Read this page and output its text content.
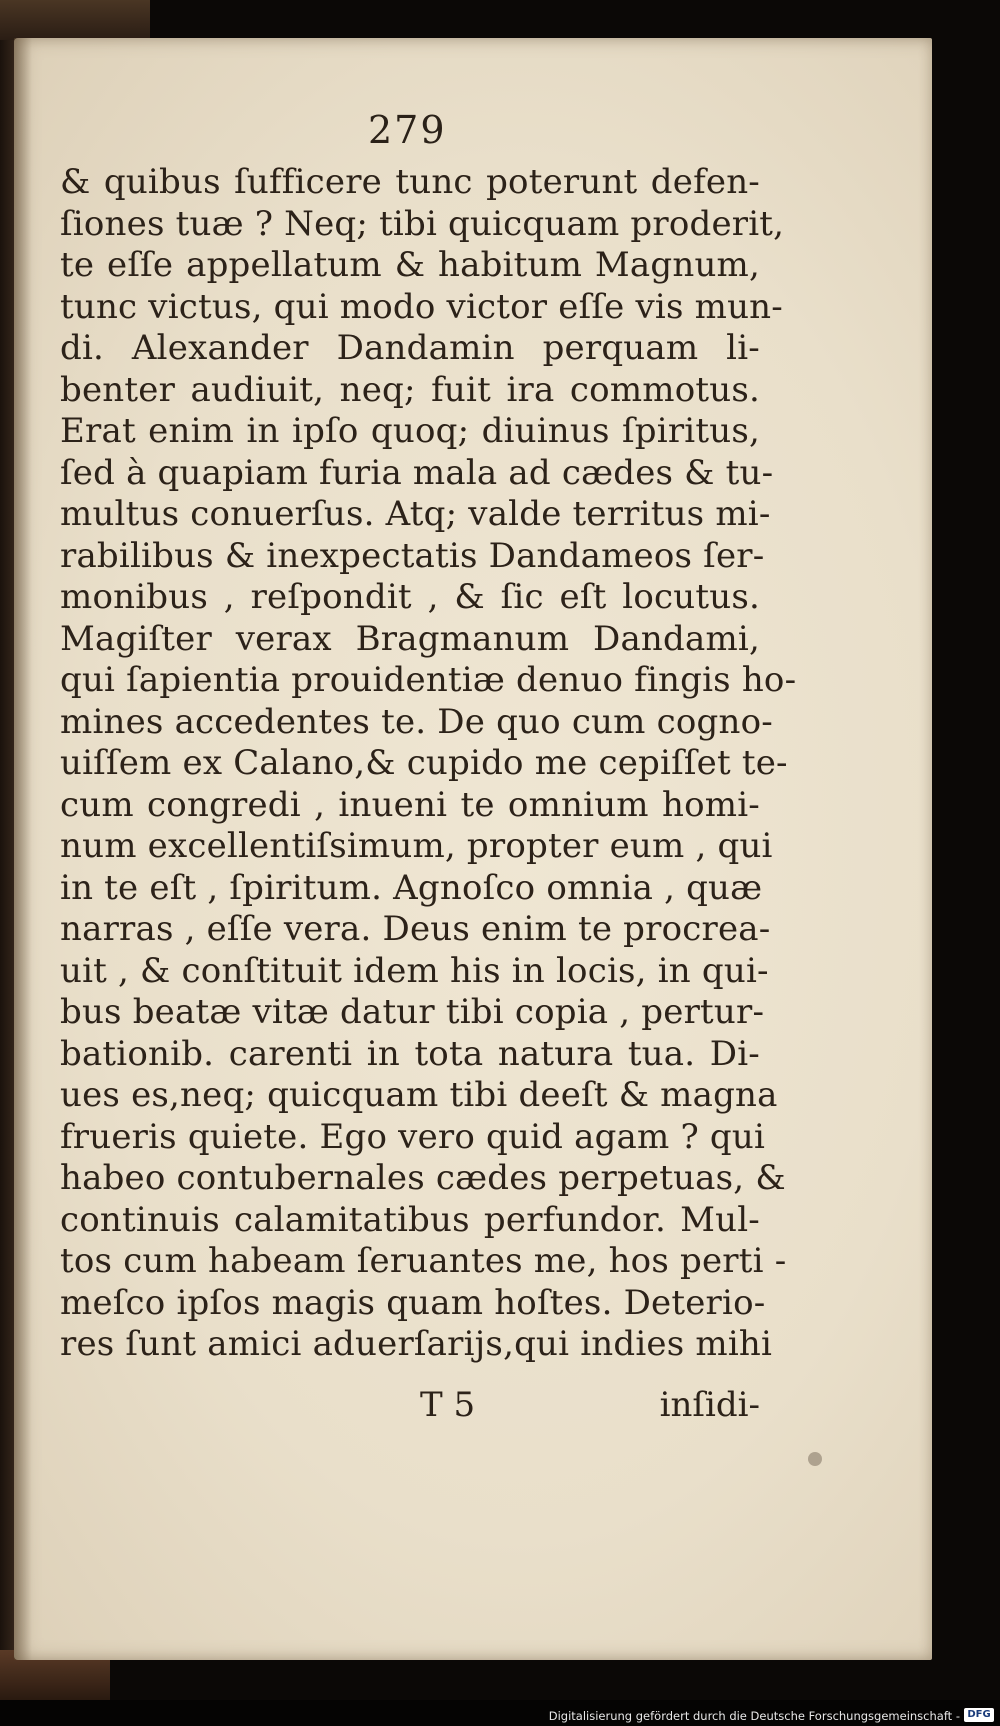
279
& quibus ſufficere tunc poterunt defen-
ſiones tuæ ? Neq; tibi quicquam proderit,
te eſſe appellatum & habitum Magnum,
tunc victus, qui modo victor eſſe vis mun-
di. Alexander Dandamin perquam li-
benter audiuit, neq; fuit ira commotus.
Erat enim in ipſo quoq; diuinus ſpiritus,
ſed à quapiam furia mala ad cædes & tu-
multus conuerſus. Atq; valde territus mi-
rabilibus & inexpectatis Dandameos ſer-
monibus , reſpondit , & ſic eſt locutus.
Magiſter verax Bragmanum Dandami,
qui ſapientia prouidentiæ denuo fingis ho-
mines accedentes te. De quo cum cogno-
uiſſem ex Calano,& cupido me cepiſſet te-
cum congredi , inueni te omnium homi-
num excellentiſsimum, propter eum , qui
in te eſt , ſpiritum. Agnoſco omnia , quæ
narras , eſſe vera. Deus enim te procrea-
uit , & conſtituit idem his in locis, in qui-
bus beatæ vitæ datur tibi copia , pertur-
bationib. carenti in tota natura tua. Di-
ues es,neq; quicquam tibi deeſt & magna
frueris quiete. Ego vero quid agam ? qui
habeo contubernales cædes perpetuas, &
continuis calamitatibus perfundor. Mul-
tos cum habeam ſeruantes me, hos perti -
meſco ipſos magis quam hoſtes. Deterio-
res ſunt amici aduerſarijs,qui indies mihi
T 5	inſidi-
Digitalisierung gefördert durch die Deutsche Forschungsgemeinschaft - DFG
